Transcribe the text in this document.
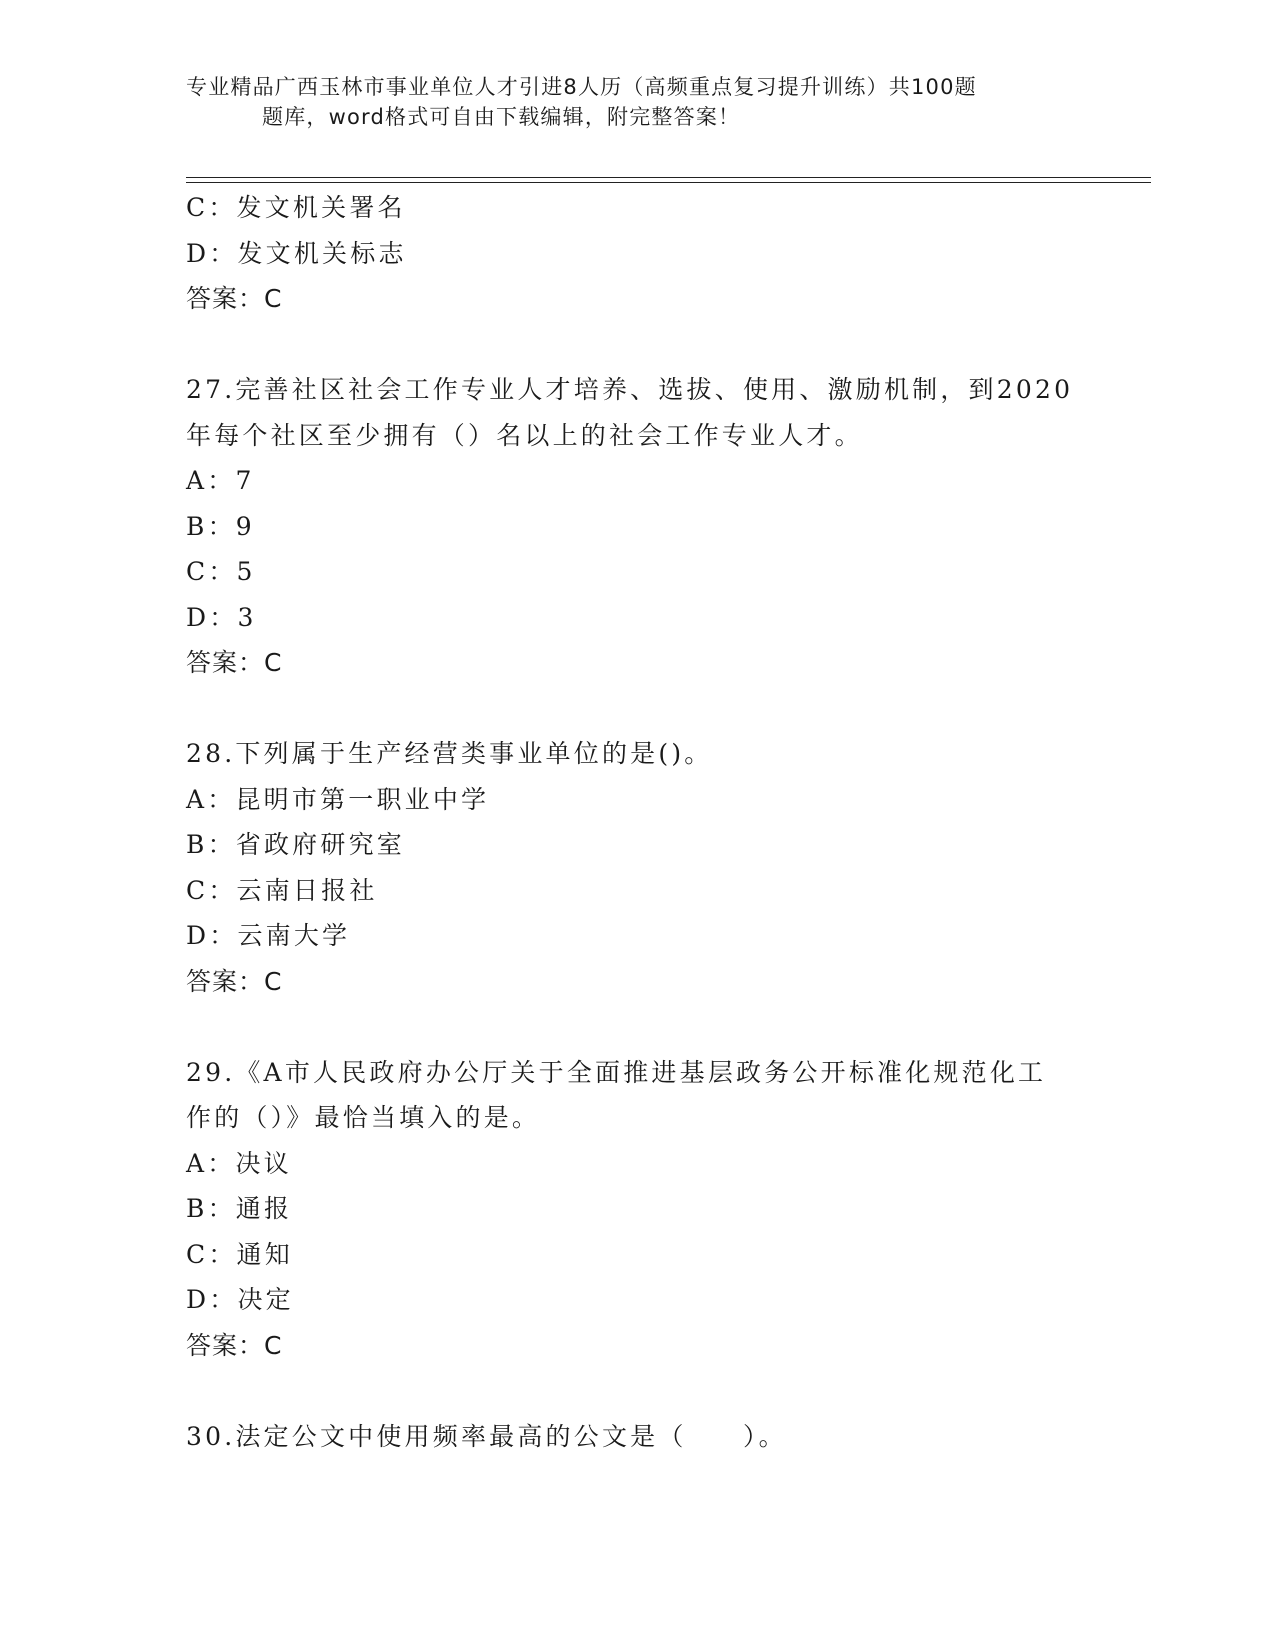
专业精品广西玉林市事业单位人才引进8人历（高频重点复习提升训练）共100题
题库，word格式可自由下载编辑，附完整答案！
C：发文机关署名
D：发文机关标志
答案：C
27.完善社区社会工作专业人才培养、选拔、使用、激励机制，到2020
年每个社区至少拥有（）名以上的社会工作专业人才。
A：7
B：9
C：5
D：3
答案：C
28.下列属于生产经营类事业单位的是()。
A：昆明市第一职业中学
B：省政府研究室
C：云南日报社
D：云南大学
答案：C
29.《A市人民政府办公厅关于全面推进基层政务公开标准化规范化工
作的（）》最恰当填入的是。
A：决议
B：通报
C：通知
D：决定
答案：C
30.法定公文中使用频率最高的公文是（　　）。
